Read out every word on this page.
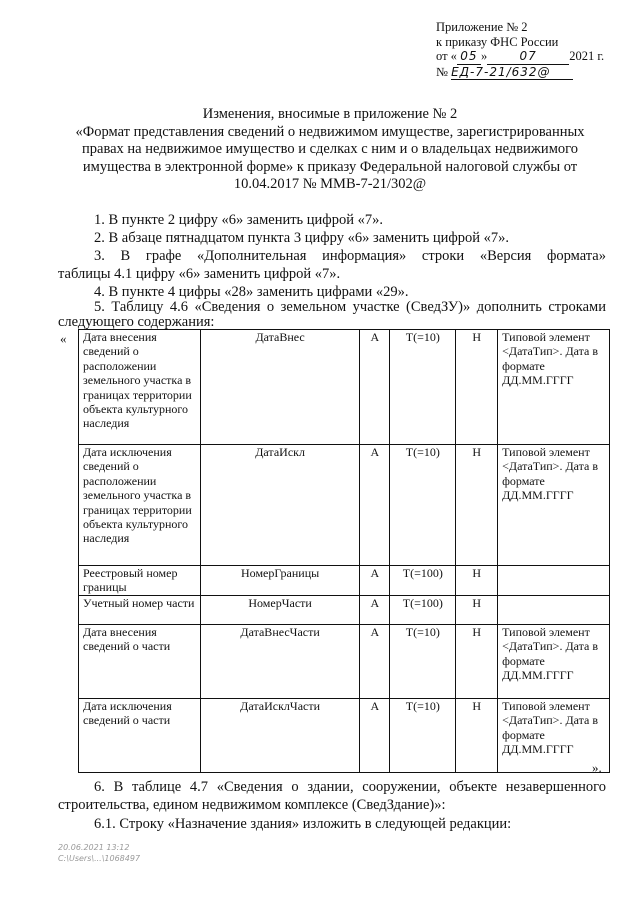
Приложение № 2
к приказу ФНС России
от « 05 »	07	2021 г.
№ ЕД-7-21/632@
Изменения, вносимые в приложение № 2
«Формат представления сведений о недвижимом имуществе, зарегистрированных правах на недвижимое имущество и сделках с ним и о владельцах недвижимого имущества в электронной форме» к приказу Федеральной налоговой службы от 10.04.2017 № ММВ-7-21/302@
1. В пункте 2 цифру «6» заменить цифрой «7».
2. В абзаце пятнадцатом пункта 3 цифру «6» заменить цифрой «7».
3. В графе «Дополнительная информация» строки «Версия формата»
таблицы 4.1 цифру «6» заменить цифрой «7».
4. В пункте 4 цифры «28» заменить цифрами «29».
5. Таблицу 4.6 «Сведения о земельном участке (СведЗУ)» дополнить строками
следующего содержания:
« Дата внесения сведений о расположении земельного участка в границах территории объекта культурного наследия	ДатаВнес	А	Т(=10)	Н	Типовой элемент <ДатаТип>. Дата в формате ДД.ММ.ГГГГ
Дата исключения сведений о расположении земельного участка в границах территории объекта культурного наследия	ДатаИскл	А	Т(=10)	Н	Типовой элемент <ДатаТип>. Дата в формате ДД.ММ.ГГГГ
Реестровый номер границы	НомерГраницы	А	Т(=100)	Н	
Учетный номер части	НомерЧасти	А	Т(=100)	Н	
Дата внесения сведений о части	ДатаВнесЧасти	А	Т(=10)	Н	Типовой элемент <ДатаТип>. Дата в формате ДД.ММ.ГГГГ
Дата исключения сведений о части	ДатаИсклЧасти	А	Т(=10)	Н	Типовой элемент <ДатаТип>. Дата в формате ДД.ММ.ГГГГ
».
6. В таблице 4.7 «Сведения о здании, сооружении, объекте незавершенного
строительства, едином недвижимом комплексе (СведЗдание)»:
6.1. Строку «Назначение здания» изложить в следующей редакции:
20.06.2021 13:12
C:\Users\...\1068497
